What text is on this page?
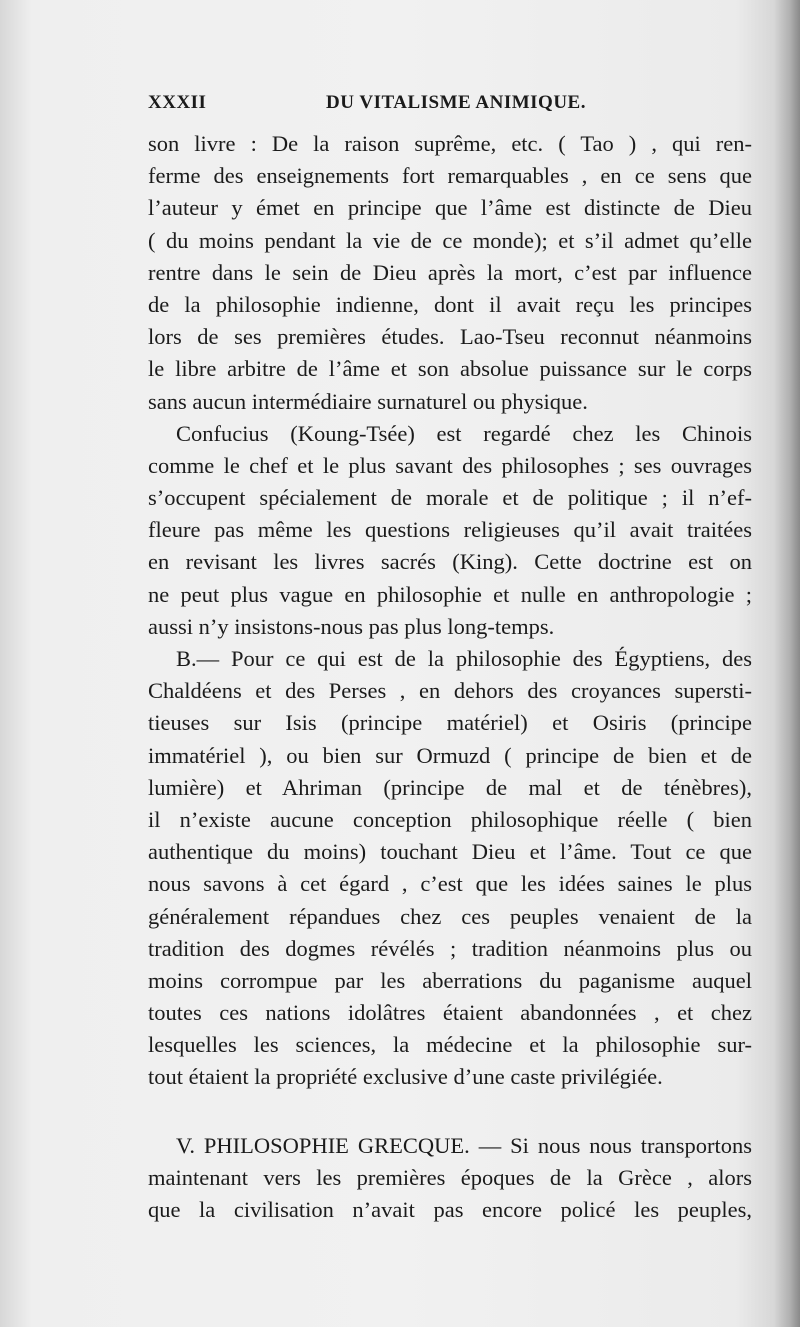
XXXII	DU VITALISME ANIMIQUE.
son livre : De la raison suprême, etc. ( Tao ) , qui ren-
ferme des enseignements fort remarquables , en ce sens que
l’auteur y émet en principe que l’âme est distincte de Dieu
( du moins pendant la vie de ce monde); et s’il admet qu’elle
rentre dans le sein de Dieu après la mort, c’est par influence
de la philosophie indienne, dont il avait reçu les principes
lors de ses premières études. Lao-Tseu reconnut néanmoins
le libre arbitre de l’âme et son absolue puissance sur le corps
sans aucun intermédiaire surnaturel ou physique.
Confucius (Koung-Tsée) est regardé chez les Chinois
comme le chef et le plus savant des philosophes ; ses ouvrages
s’occupent spécialement de morale et de politique ; il n’ef-
fleure pas même les questions religieuses qu’il avait traitées
en revisant les livres sacrés (King). Cette doctrine est on
ne peut plus vague en philosophie et nulle en anthropologie ;
aussi n’y insistons-nous pas plus long-temps.
B.— Pour ce qui est de la philosophie des Égyptiens, des
Chaldéens et des Perses , en dehors des croyances supersti-
tieuses sur Isis (principe matériel) et Osiris (principe
immatériel ), ou bien sur Ormuzd ( principe de bien et de
lumière) et Ahriman (principe de mal et de ténèbres),
il n’existe aucune conception philosophique réelle ( bien
authentique du moins) touchant Dieu et l’âme. Tout ce que
nous savons à cet égard , c’est que les idées saines le plus
généralement répandues chez ces peuples venaient de la
tradition des dogmes révélés ; tradition néanmoins plus ou
moins corrompue par les aberrations du paganisme auquel
toutes ces nations idolâtres étaient abandonnées , et chez
lesquelles les sciences, la médecine et la philosophie sur-
tout étaient la propriété exclusive d’une caste privilégiée.
V. PHILOSOPHIE GRECQUE. — Si nous nous transportons
maintenant vers les premières époques de la Grèce , alors
que la civilisation n’avait pas encore policé les peuples,
